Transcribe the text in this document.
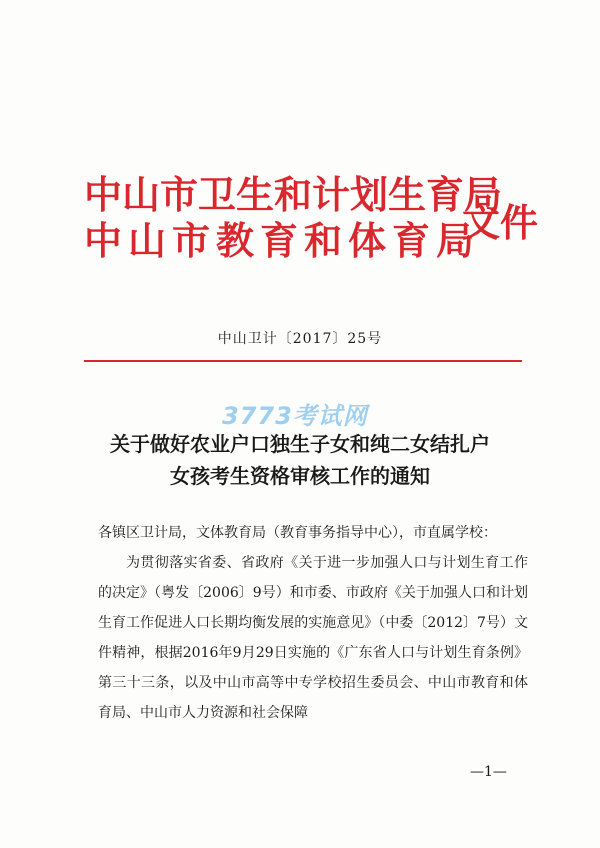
中山市卫生和计划生育局
中山市教育和体育局
文件
中山卫计〔2017〕25号
3773考试网
关于做好农业户口独生子女和纯二女结扎户
女孩考生资格审核工作的通知

各镇区卫计局，文体教育局（教育事务指导中心），市直属学校：

为贯彻落实省委、省政府《关于进一步加强人口与计划生育工作的决定》（粤发〔2006〕9号）和市委、市政府《关于加强人口和计划生育工作促进人口长期均衡发展的实施意见》（中委〔2012〕7号）文件精神，根据2016年9月29日实施的《广东省人口与计划生育条例》第三十三条，以及中山市高等中专学校招生委员会、中山市教育和体育局、中山市人力资源和社会保障

—1—
